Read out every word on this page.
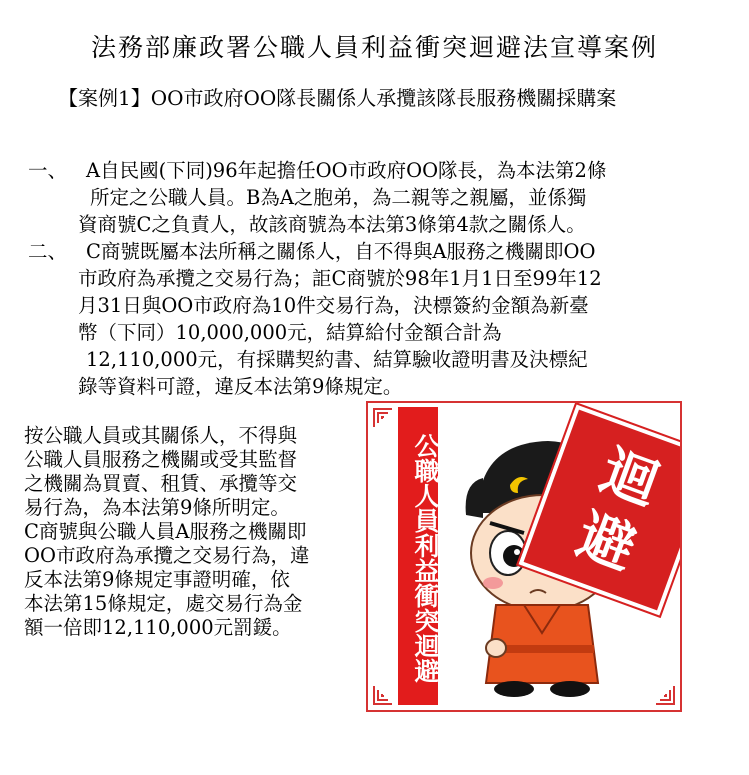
法務部廉政署公職人員利益衝突迴避法宣導案例
【案例1】OO市政府OO隊長關係人承攬該隊長服務機關採購案
一、 A自民國(下同)96年起擔任OO市政府OO隊長，為本法第2條
所定之公職人員。B為A之胞弟，為二親等之親屬，並係獨
資商號C之負責人，故該商號為本法第3條第4款之關係人。
二、 C商號既屬本法所稱之關係人，自不得與A服務之機關即OO
市政府為承攬之交易行為；詎C商號於98年1月1日至99年12
月31日與OO市政府為10件交易行為，決標簽約金額為新臺
幣（下同）10,000,000元，結算給付金額合計為
12,110,000元，有採購契約書、結算驗收證明書及決標紀
錄等資料可證，違反本法第9條規定。
按公職人員或其關係人，不得與
公職人員服務之機關或受其監督
之機關為買賣、租賃、承攬等交
易行為，為本法第9條所明定。
C商號與公職人員A服務之機關即
OO市政府為承攬之交易行為，違
反本法第9條規定事證明確，依
本法第15條規定，處交易行為金
額一倍即12,110,000元罰鍰。	公職人員利益衝突迴避	迴
避
